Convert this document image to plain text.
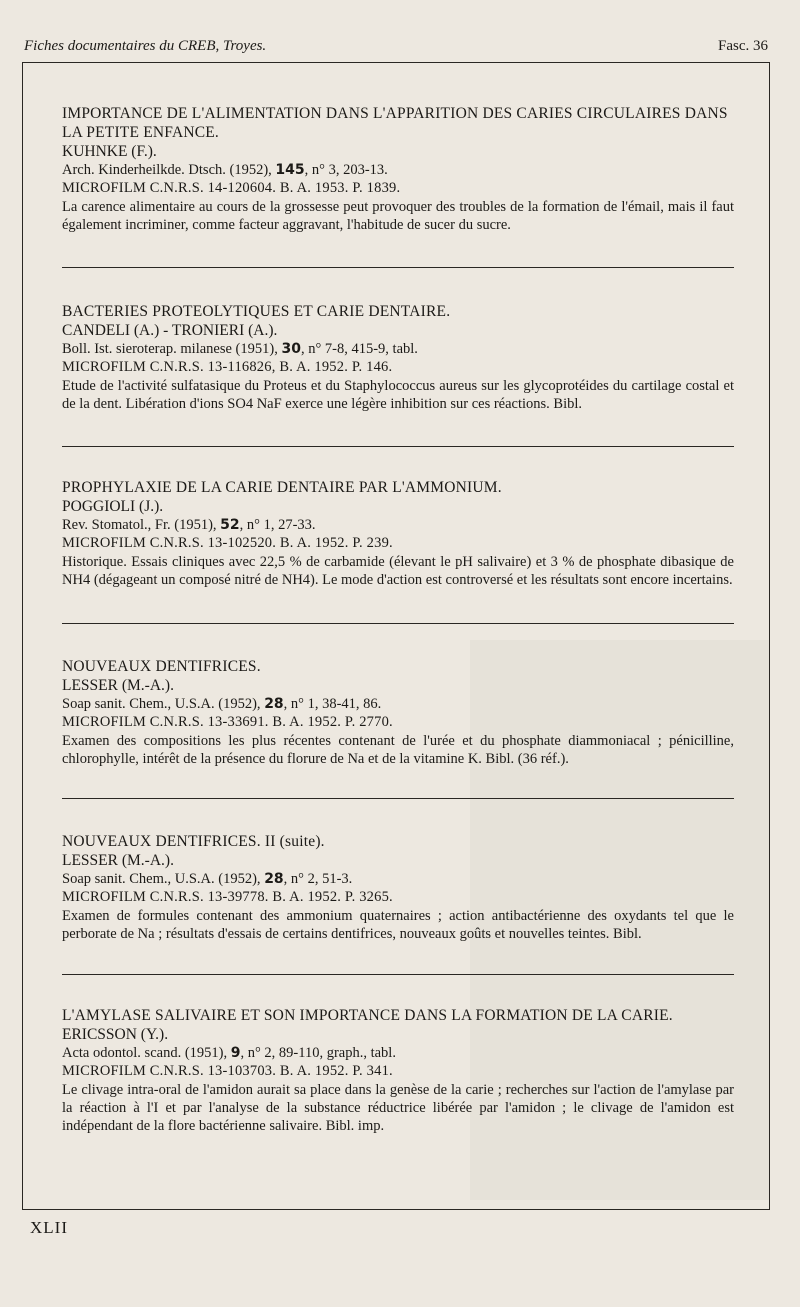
Fiches documentaires du CREB, Troyes.	Fasc. 36
IMPORTANCE DE L'ALIMENTATION DANS L'APPARITION DES CARIES CIRCULAIRES DANS LA PETITE ENFANCE.
KUHNKE (F.).
Arch. Kinderheilkde. Dtsch. (1952), 145, n° 3, 203-13.
MICROFILM C.N.R.S. 14-120604. B. A. 1953. P. 1839.
La carence alimentaire au cours de la grossesse peut provoquer des troubles de la formation de l'émail, mais il faut également incriminer, comme facteur aggravant, l'habitude de sucer du sucre.
BACTERIES PROTEOLYTIQUES ET CARIE DENTAIRE.
CANDELI (A.) - TRONIERI (A.).
Boll. Ist. sieroterap. milanese (1951), 30, n° 7-8, 415-9, tabl.
MICROFILM C.N.R.S. 13-116826, B. A. 1952. P. 146.
Etude de l'activité sulfatasique du Proteus et du Staphylococcus aureus sur les glycoprotéides du cartilage costal et de la dent. Libération d'ions SO4 NaF exerce une légère inhibition sur ces réactions. Bibl.
PROPHYLAXIE DE LA CARIE DENTAIRE PAR L'AMMONIUM.
POGGIOLI (J.).
Rev. Stomatol., Fr. (1951), 52, n° 1, 27-33.
MICROFILM C.N.R.S. 13-102520. B. A. 1952. P. 239.
Historique. Essais cliniques avec 22,5 % de carbamide (élevant le pH salivaire) et 3 % de phosphate dibasique de NH4 (dégageant un composé nitré de NH4). Le mode d'action est controversé et les résultats sont encore incertains.
NOUVEAUX DENTIFRICES.
LESSER (M.-A.).
Soap sanit. Chem., U.S.A. (1952), 28, n° 1, 38-41, 86.
MICROFILM C.N.R.S. 13-33691. B. A. 1952. P. 2770.
Examen des compositions les plus récentes contenant de l'urée et du phosphate diammoniacal ; pénicilline, chlorophylle, intérêt de la présence du florure de Na et de la vitamine K. Bibl. (36 réf.).
NOUVEAUX DENTIFRICES. II (suite).
LESSER (M.-A.).
Soap sanit. Chem., U.S.A. (1952), 28, n° 2, 51-3.
MICROFILM C.N.R.S. 13-39778. B. A. 1952. P. 3265.
Examen de formules contenant des ammonium quaternaires ; action antibactérienne des oxydants tel que le perborate de Na ; résultats d'essais de certains dentifrices, nouveaux goûts et nouvelles teintes. Bibl.
L'AMYLASE SALIVAIRE ET SON IMPORTANCE DANS LA FORMATION DE LA CARIE.
ERICSSON (Y.).
Acta odontol. scand. (1951), 9, n° 2, 89-110, graph., tabl.
MICROFILM C.N.R.S. 13-103703. B. A. 1952. P. 341.
Le clivage intra-oral de l'amidon aurait sa place dans la genèse de la carie ; recherches sur l'action de l'amylase par la réaction à l'I et par l'analyse de la substance réductrice libérée par l'amidon ; le clivage de l'amidon est indépendant de la flore bactérienne salivaire. Bibl. imp.
XLII
